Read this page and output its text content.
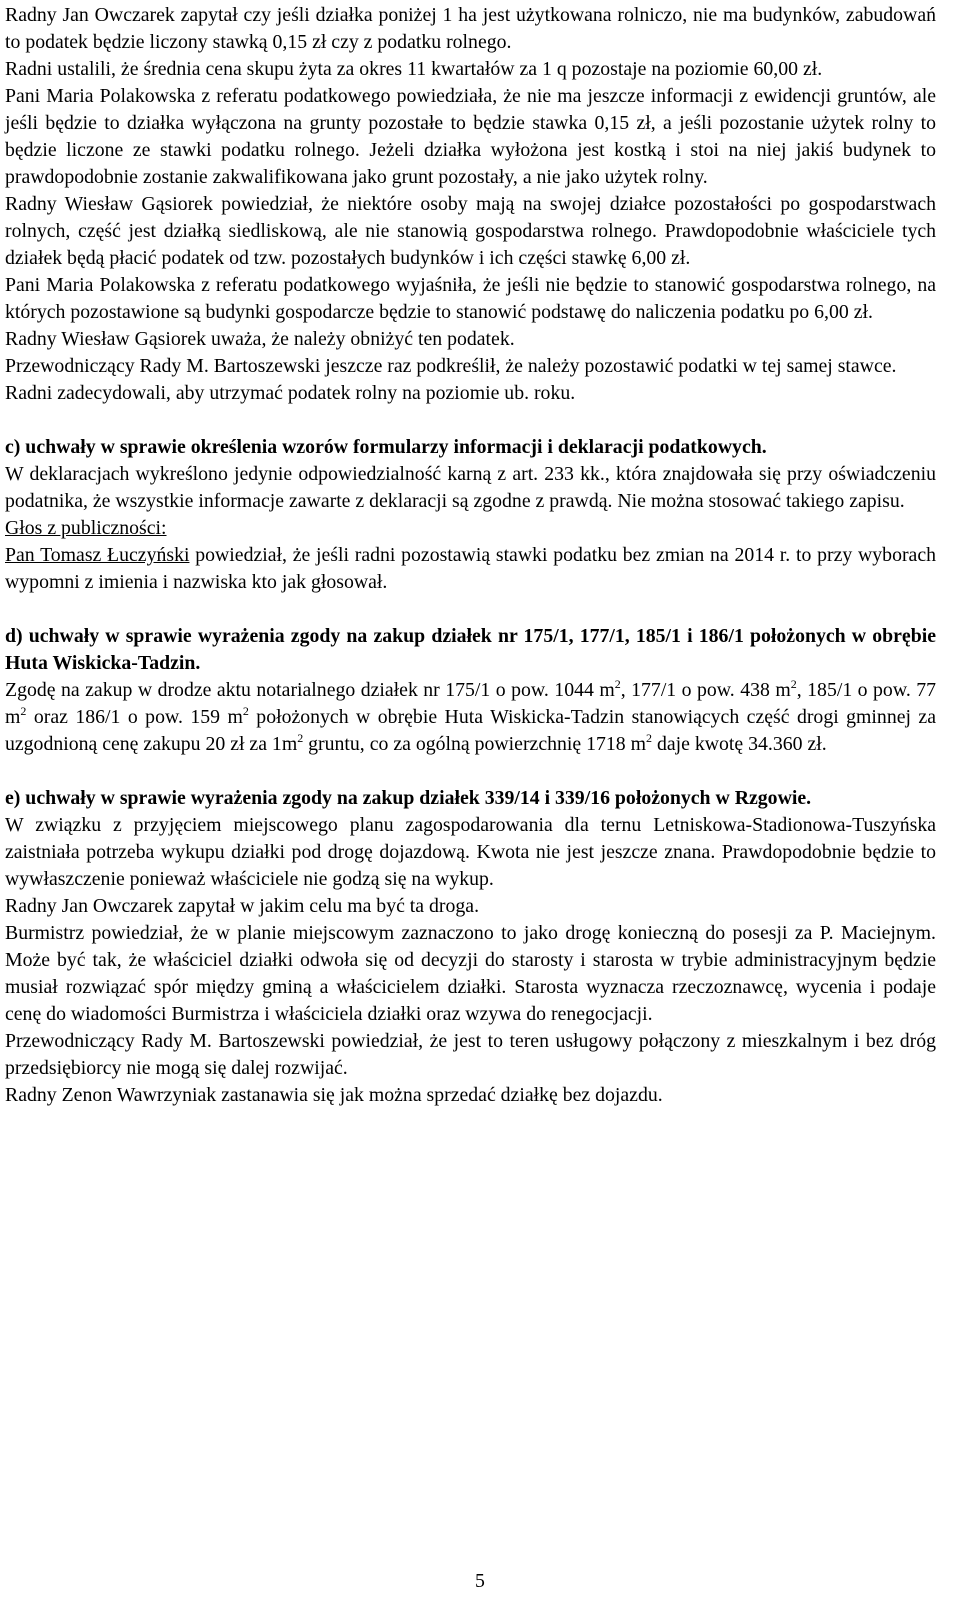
Radny Jan Owczarek zapytał czy jeśli działka poniżej 1 ha jest użytkowana rolniczo, nie ma budynków, zabudowań to podatek będzie liczony stawką 0,15 zł czy z podatku rolnego.

Radni ustalili, że średnia cena skupu żyta za okres 11 kwartałów za 1 q pozostaje na poziomie 60,00 zł.

Pani Maria Polakowska z referatu podatkowego powiedziała, że nie ma jeszcze informacji z ewidencji gruntów, ale jeśli będzie to działka wyłączona na grunty pozostałe to będzie stawka 0,15 zł, a jeśli pozostanie użytek rolny to będzie liczone ze stawki podatku rolnego. Jeżeli działka wyłożona jest kostką i stoi na niej jakiś budynek to prawdopodobnie zostanie zakwalifikowana jako grunt pozostały, a nie jako użytek rolny.

Radny Wiesław Gąsiorek powiedział, że niektóre osoby mają na swojej działce pozostałości po gospodarstwach rolnych, część jest działką siedliskową, ale nie stanowią gospodarstwa rolnego. Prawdopodobnie właściciele tych działek będą płacić podatek od tzw. pozostałych budynków i ich części stawkę 6,00 zł.

Pani Maria Polakowska z referatu podatkowego wyjaśniła, że jeśli nie będzie to stanowić gospodarstwa rolnego, na których pozostawione są budynki gospodarcze będzie to stanowić podstawę do naliczenia podatku po 6,00 zł.

Radny Wiesław Gąsiorek uważa, że należy obniżyć ten podatek.

Przewodniczący Rady M. Bartoszewski jeszcze raz podkreślił, że należy pozostawić podatki w tej samej stawce.

Radni zadecydowali, aby utrzymać podatek rolny na poziomie ub. roku.

c) uchwały w sprawie określenia wzorów formularzy informacji i deklaracji podatkowych.

W deklaracjach wykreślono jedynie odpowiedzialność karną z art. 233 kk., która znajdowała się przy oświadczeniu podatnika, że wszystkie informacje zawarte z deklaracji są zgodne z prawdą. Nie można stosować takiego zapisu.

Głos z publiczności:

Pan Tomasz Łuczyński powiedział, że jeśli radni pozostawią stawki podatku bez zmian na 2014 r. to przy wyborach wypomni z imienia i nazwiska kto jak głosował.

d) uchwały w sprawie wyrażenia zgody na zakup działek nr 175/1, 177/1, 185/1 i 186/1 położonych w obrębie Huta Wiskicka-Tadzin.

Zgodę na zakup w drodze aktu notarialnego działek nr 175/1 o pow. 1044 $m^2$, 177/1 o pow. 438 $m^2$, 185/1 o pow. 77 $m^2$ oraz 186/1 o pow. 159 $m^2$ położonych w obrębie Huta Wiskicka-Tadzin stanowiących część drogi gminnej za uzgodnioną cenę zakupu 20 zł za $1m^2$ gruntu, co za ogólną powierzchnię 1718 $m^2$ daje kwotę 34.360 zł.

e) uchwały w sprawie wyrażenia zgody na zakup działek 339/14 i 339/16 położonych w Rzgowie.

W związku z przyjęciem miejscowego planu zagospodarowania dla ternu Letniskowa-Stadionowa-Tuszyńska zaistniała potrzeba wykupu działki pod drogę dojazdową. Kwota nie jest jeszcze znana. Prawdopodobnie będzie to wywłaszczenie ponieważ właściciele nie godzą się na wykup.

Radny Jan Owczarek zapytał w jakim celu ma być ta droga.

Burmistrz powiedział, że w planie miejscowym zaznaczono to jako drogę konieczną do posesji za P. Maciejnym. Może być tak, że właściciel działki odwoła się od decyzji do starosty i starosta w trybie administracyjnym będzie musiał rozwiązać spór między gminą a właścicielem działki. Starosta wyznacza rzeczoznawcę, wycenia i podaje cenę do wiadomości Burmistrza i właściciela działki oraz wzywa do renegocjacji.

Przewodniczący Rady M. Bartoszewski powiedział, że jest to teren usługowy połączony z mieszkalnym i bez dróg przedsiębiorcy nie mogą się dalej rozwijać.

Radny Zenon Wawrzyniak zastanawia się jak można sprzedać działkę bez dojazdu.

5
